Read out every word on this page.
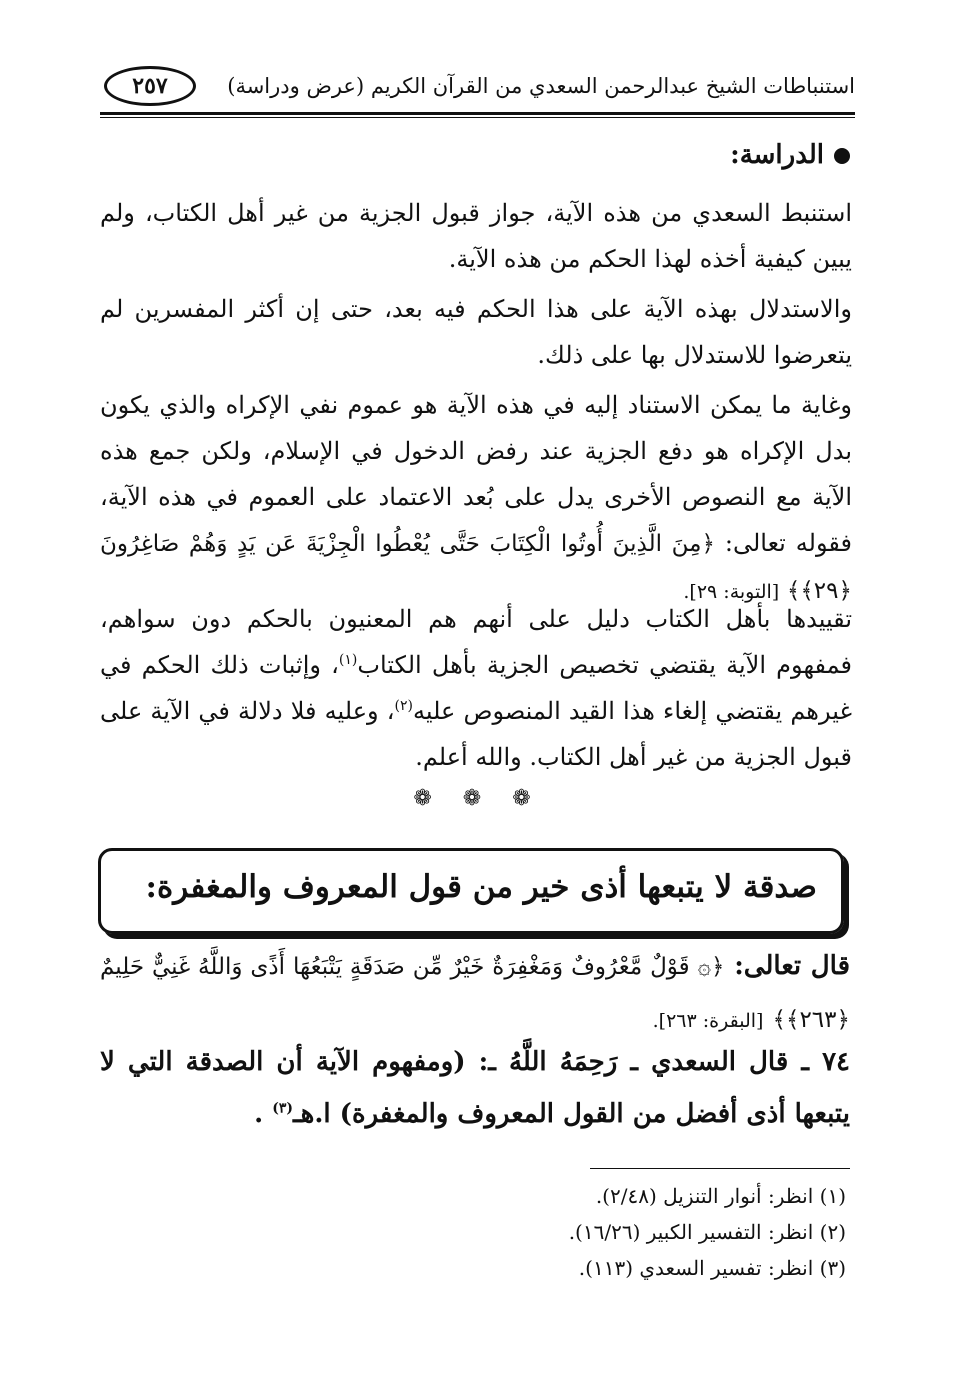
استنباطات الشيخ عبدالرحمن السعدي من القرآن الكريم (عرض ودراسة)
٢٥٧
الدراسة:
استنبط السعدي من هذه الآية، جواز قبول الجزية من غير أهل الكتاب، ولم يبين كيفية أخذه لهذا الحكم من هذه الآية.
والاستدلال بهذه الآية على هذا الحكم فيه بعد، حتى إن أكثر المفسرين لم يتعرضوا للاستدلال بها على ذلك.
وغاية ما يمكن الاستناد إليه في هذه الآية هو عموم نفي الإكراه والذي يكون بدل الإكراه هو دفع الجزية عند رفض الدخول في الإسلام، ولكن جمع هذه الآية مع النصوص الأخرى يدل على بُعد الاعتماد على العموم في هذه الآية، فقوله تعالى: ﴿مِنَ الَّذِينَ أُوتُوا الْكِتَابَ حَتَّى يُعْطُوا الْجِزْيَةَ عَن يَدٍ وَهُمْ صَاغِرُونَ ﴿٢٩﴾﴾ [التوبة: ٢٩].
تقييدها بأهل الكتاب دليل على أنهم هم المعنيون بالحكم دون سواهم، فمفهوم الآية يقتضي تخصيص الجزية بأهل الكتاب$^{(١)}$، وإثبات ذلك الحكم في غيرهم يقتضي إلغاء هذا القيد المنصوص عليه$^{(٢)}$، وعليه فلا دلالة في الآية على قبول الجزية من غير أهل الكتاب. والله أعلم.
❁ ❁ ❁
صدقة لا يتبعها أذى خير من قول المعروف والمغفرة:
قال تعالى: ﴿۞ قَوْلٌ مَّعْرُوفٌ وَمَغْفِرَةٌ خَيْرٌ مِّن صَدَقَةٍ يَتْبَعُهَا أَذًى وَاللَّهُ غَنِيٌّ حَلِيمٌ ﴿٢٦٣﴾﴾ [البقرة: ٢٦٣].
٧٤ ـ قال السعدي ـ رَحِمَهُ اللَّهُ ـ: (ومفهوم الآية أن الصدقة التي لا يتبعها أذى أفضل من القول المعروف والمغفرة) ا.هـ$^{(٣)}$ .
(١) انظر: أنوار التنزيل (٢/٤٨).
(٢) انظر: التفسير الكبير (١٦/٢٦).
(٣) انظر: تفسير السعدي (١١٣).
